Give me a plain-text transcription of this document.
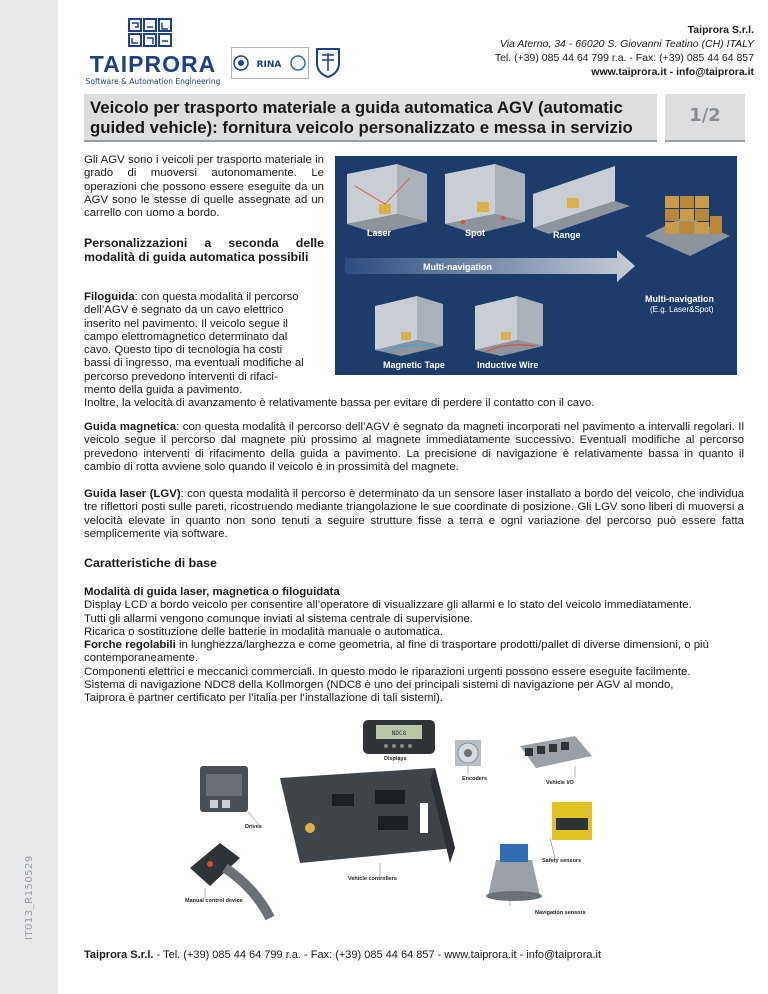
IT013_R150529
TAIPRORA
Software & Automation Engineering
RINA
Taiprora S.r.l.
Via Aterno, 34 - 66020 S. Giovanni Teatino (CH) ITALY
Tel. (+39) 085 44 64 799 r.a. - Fax: (+39) 085 44 64 857
www.taiprora.it - info@taiprora.it
Veicolo per trasporto materiale a guida automatica AGV (automatic guided vehicle): fornitura veicolo personalizzato e messa in servizio
1/2
Gli AGV sono i veicoli per trasporto materiale in grado di muoversi autonomamente. Le operazioni che possono essere eseguite da un AGV sono le stesse di quelle assegnate ad un carrello con uomo a bordo.
Personalizzazioni a seconda delle modalità di guida automatica possibili
Laser	Spot	Range
Multi-navigation
Multi-navigation
(E.g. Laser&Spot)
Magnetic Tape	Inductive Wire
Filoguida: con questa modalità il percorso
dell’AGV è segnato da un cavo elettrico
inserito nel pavimento. Il veicolo segue il
campo elettromagnetico determinato dal
cavo. Questo tipo di tecnologia ha costi
bassi di ingresso, ma eventuali modifiche al
percorso prevedono interventi di rifaci-
mento della guida a pavimento.
Inoltre, la velocità di avanzamento è relativamente bassa per evitare di perdere il contatto con il cavo.
Guida magnetica: con questa modalità il percorso dell’AGV è segnato da magneti incorporati nel pavimento a intervalli regolari. Il veicolo segue il percorso dal magnete più prossimo al magnete immediatamente successivo. Eventuali modifiche al percorso prevedono interventi di rifacimento della guida a pavimento. La precisione di navigazione è relativamente bassa in quanto il cambio di rotta avviene solo quando il veicolo è in prossimità del magnete.
Guida laser (LGV): con questa modalità il percorso è determinato da un sensore laser installato a bordo del veicolo, che individua tre riflettori posti sulle pareti, ricostruendo mediante triangolazione le sue coordinate di posizione. Gli LGV sono liberi di muoversi a velocità elevate in quanto non sono tenuti a seguire strutture fisse a terra e ogni variazione del percorso può essere fatta semplicemente via software.
Caratteristiche di base
Modalità di guida laser, magnetica o filoguidata
Display LCD a bordo veicolo per consentire all’operatore di visualizzare gli allarmi e lo stato del veicolo immediatamente.
Tutti gli allarmi vengono comunque inviati al sistema centrale di supervisione.
Ricarica o sostituzione delle batterie in modalità manuale o automatica.
Forche regolabili in lunghezza/larghezza e come geometria, al fine di trasportare prodotti/pallet di diverse dimensioni, o più contemporaneamente.
Componenti elettrici e meccanici commerciali. In questo modo le riparazioni urgenti possono essere eseguite facilmente.
Sistema di navigazione NDC8 della Kollmorgen (NDC8 è uno dei principali sistemi di navigazione per AGV al mondo,
Taiprora è partner certificato per l’italia per l’installazione di tali sistemi).
NDC8
Displays
Encoders
Vehicle I/O
Drives
Safety sensors
Vehicle controllers
Navigation sensors
Manual control device
Taiprora S.r.l. - Tel. (+39) 085 44 64 799 r.a. - Fax: (+39) 085 44 64 857 - www.taiprora.it - info@taiprora.it
